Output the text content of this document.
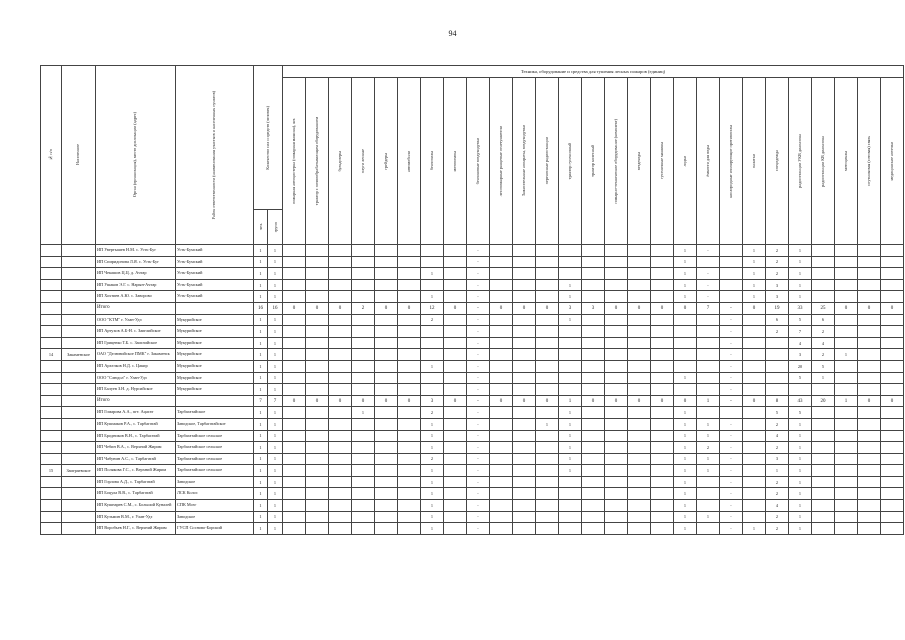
94
№ п/п	Населенное	Орган (организация), место дислокации (адрес)	Район ответственности (наименования участков и населенных пунктов)	Количество сил и средств (человек)		Техника, оборудование и средства для тушения лесных пожаров (единиц)																										

						пожарная автоцистерна (пожарная машина), шт.	трактор с почвообрабатывающим оборудованием	бульдозеры	плуги лесные	грейдеры	автомобили	бензопилы	мотопомпы	бензиновые воздуходувки	лесопожарные ранцевые огнетушители	Зажигательные аппараты, воздуходувки	переносные радиостанции	трактор гусеничный	трактор колесный	пожарно-техническое оборудование (комплект)	вездеходы	гусеничные машины	лодки	ёмкости для воды	кислородные изолирующие противогазы	палатки	спецодежда	радиостанции УКВ диапазона	радиостанции КВ диапазона	мотоциклы	спутниковая (сотовая) связь	медицинские аптечки

				чел.	групп																											

		ИП Увертышев Н.М. с. Усть-Буг	Усть-Бумский	1	1									-									1	-		1	2	1				
		ИП Спиридонова Л.Я. с. Усть-Буг	Усть-Бумский	1	1									-									1			1	2	1				
		ИП Чекашов Ц.Ц. д. Ачтар	Усть-Бумский	1	1							1		-									1	-		1	2	1				
		ИП Ушаков Э.Г. с. Нарын-Ачтар	Усть-Бумский	1	1									-				1					1	-		1	3	1				
		ИП Хохтиев А.Ю. с. Заворово	Усть-Бумский	1	1							1		-				1					1	-		1	3	1				
		Итого		16	16	0	0	0	2	0	0	12	0	-	0	0	0	3	3	0	0	0	0	7	-	0	19	33	25	0	0	0
		ООО "КТМ" г. Улан-Удэ	Мукурийское	1	1							2		-				1							-		6	5	6			
		ИП Артухов А.Б-Н. с. Заиглийское	Мукурийское	1	1									-											-		2	7	2			
		ИП Гриценко Т.Б. с. Заиглийское	Мукурийское	1	1									-											-			4	4			
14	Закаменское	ОАО "Делюнийское ПМК" г. Закаменск	Мукурийское	1	1									-											-			3	2	1		
		ИП Архелков Н.Д. с. Цакир	Мукурийское	1	1							1		-											-			20	5			
		ООО "Слюдол" г. Улан-Удэ	Мукурийское	1	1									-									1		-			5	1			
		ИП Балуев З.Н. д. Нурсийское	Мукурийское	1	1									-											-							
		Итого		7	7	0	0	0	0	0	0	3	0	-	0	0	0	1	0	0	0	0	0	1	-	0	8	43	20	1	0	0
		ИП Гомарова А.А., пгт. Ацагат	Тарбагатайское	1	1				1			2		-				1					1				5	5				
		ИП Кушмаков Р.А., с. Тарбагатай	Заводское, Тарбагатайское	1	1							1		-			1	1					1	1	-		2	1				
		ИП Бродников В.Н., с. Тарбагатай	Тарбагатайское сельское	1	1							1		-				1					1	1	-		4	1				
		ИП Чебин В.А., с. Верхний Жирим	Тарбагатайское сельское	1	1							1		-				1					1	2	-		2	1				
		ИП Чабунин А.С., с. Тарбагатай	Тарбагатайское сельское	1	1							2		-				1					1	1	-		3	1				
15	Заиграевское	ИП Полякова Г.С., с. Верхний Жирим	Тарбагатайское сельское	1	1							1		-				1					1	1	-		1	1				
		ИП Горлова А.Д., с. Тарбагатай	Заводское	1	1							1		-									1		-		2	1				
		ИП Боцула В.В., с. Тарбагатай	ЛСК Колос	1	1							1		-									1		-		2	1				
		ИП Кушнарев С.М., с. Большой Куналей	СПК Мозг	1	1							1		-									1		-		4	1				
		ИП Кузьмин В.М., г. Улан-Удэ	Заводское	1	1							1		-									1	1	-		2	1				
		ИП Воробьев Н.Г., с. Верхний Жирим	ГУСП Сосново-Борский	1	1							1		-									1		-	1	2	1				
